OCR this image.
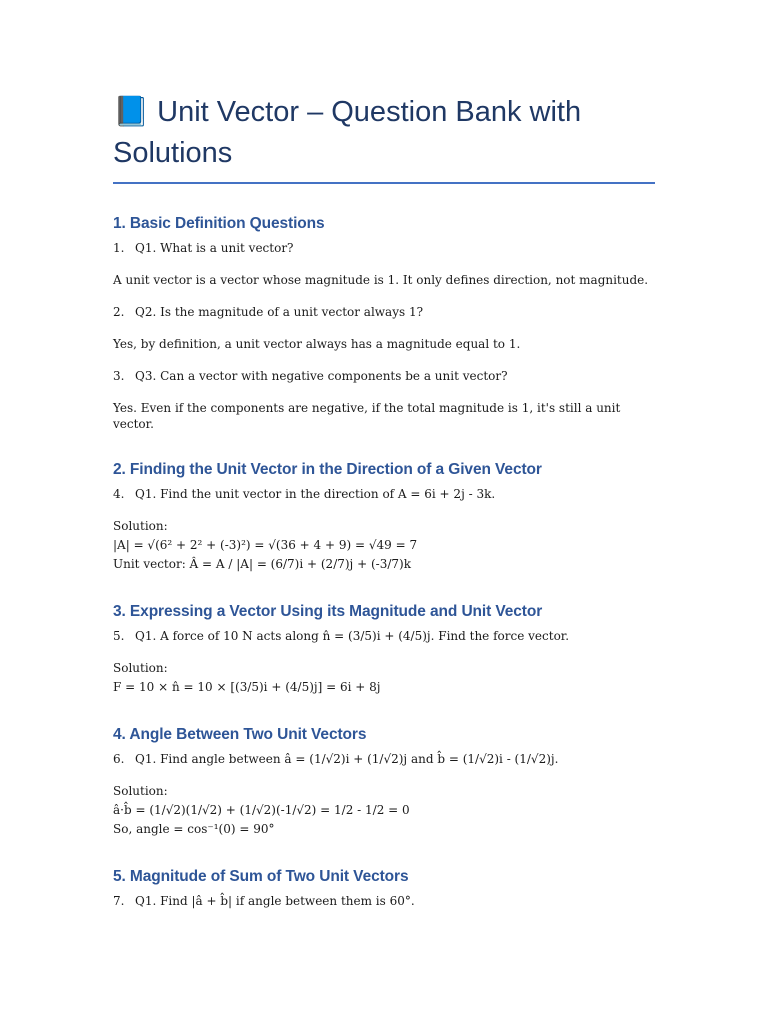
📘 Unit Vector – Question Bank with Solutions
1. Basic Definition Questions
1. Q1. What is a unit vector?

A unit vector is a vector whose magnitude is 1. It only defines direction, not magnitude.

2. Q2. Is the magnitude of a unit vector always 1?

Yes, by definition, a unit vector always has a magnitude equal to 1.

3. Q3. Can a vector with negative components be a unit vector?

Yes. Even if the components are negative, if the total magnitude is 1, it's still a unit vector.

2. Finding the Unit Vector in the Direction of a Given Vector
4. Q1. Find the unit vector in the direction of A = 6i + 2j - 3k.
Solution:
|A| = √(6² + 2² + (-3)²) = √(36 + 4 + 9) = √49 = 7
Unit vector: Â = A / |A| = (6/7)i + (2/7)j + (-3/7)k
3. Expressing a Vector Using its Magnitude and Unit Vector
5. Q1. A force of 10 N acts along n̂ = (3/5)i + (4/5)j. Find the force vector.
Solution:
F = 10 × n̂ = 10 × [(3/5)i + (4/5)j] = 6i + 8j
4. Angle Between Two Unit Vectors
6. Q1. Find angle between â = (1/√2)i + (1/√2)j and b̂ = (1/√2)i - (1/√2)j.
Solution:
â·b̂ = (1/√2)(1/√2) + (1/√2)(-1/√2) = 1/2 - 1/2 = 0
So, angle = cos⁻¹(0) = 90°
5. Magnitude of Sum of Two Unit Vectors
7. Q1. Find |â + b̂| if angle between them is 60°.
